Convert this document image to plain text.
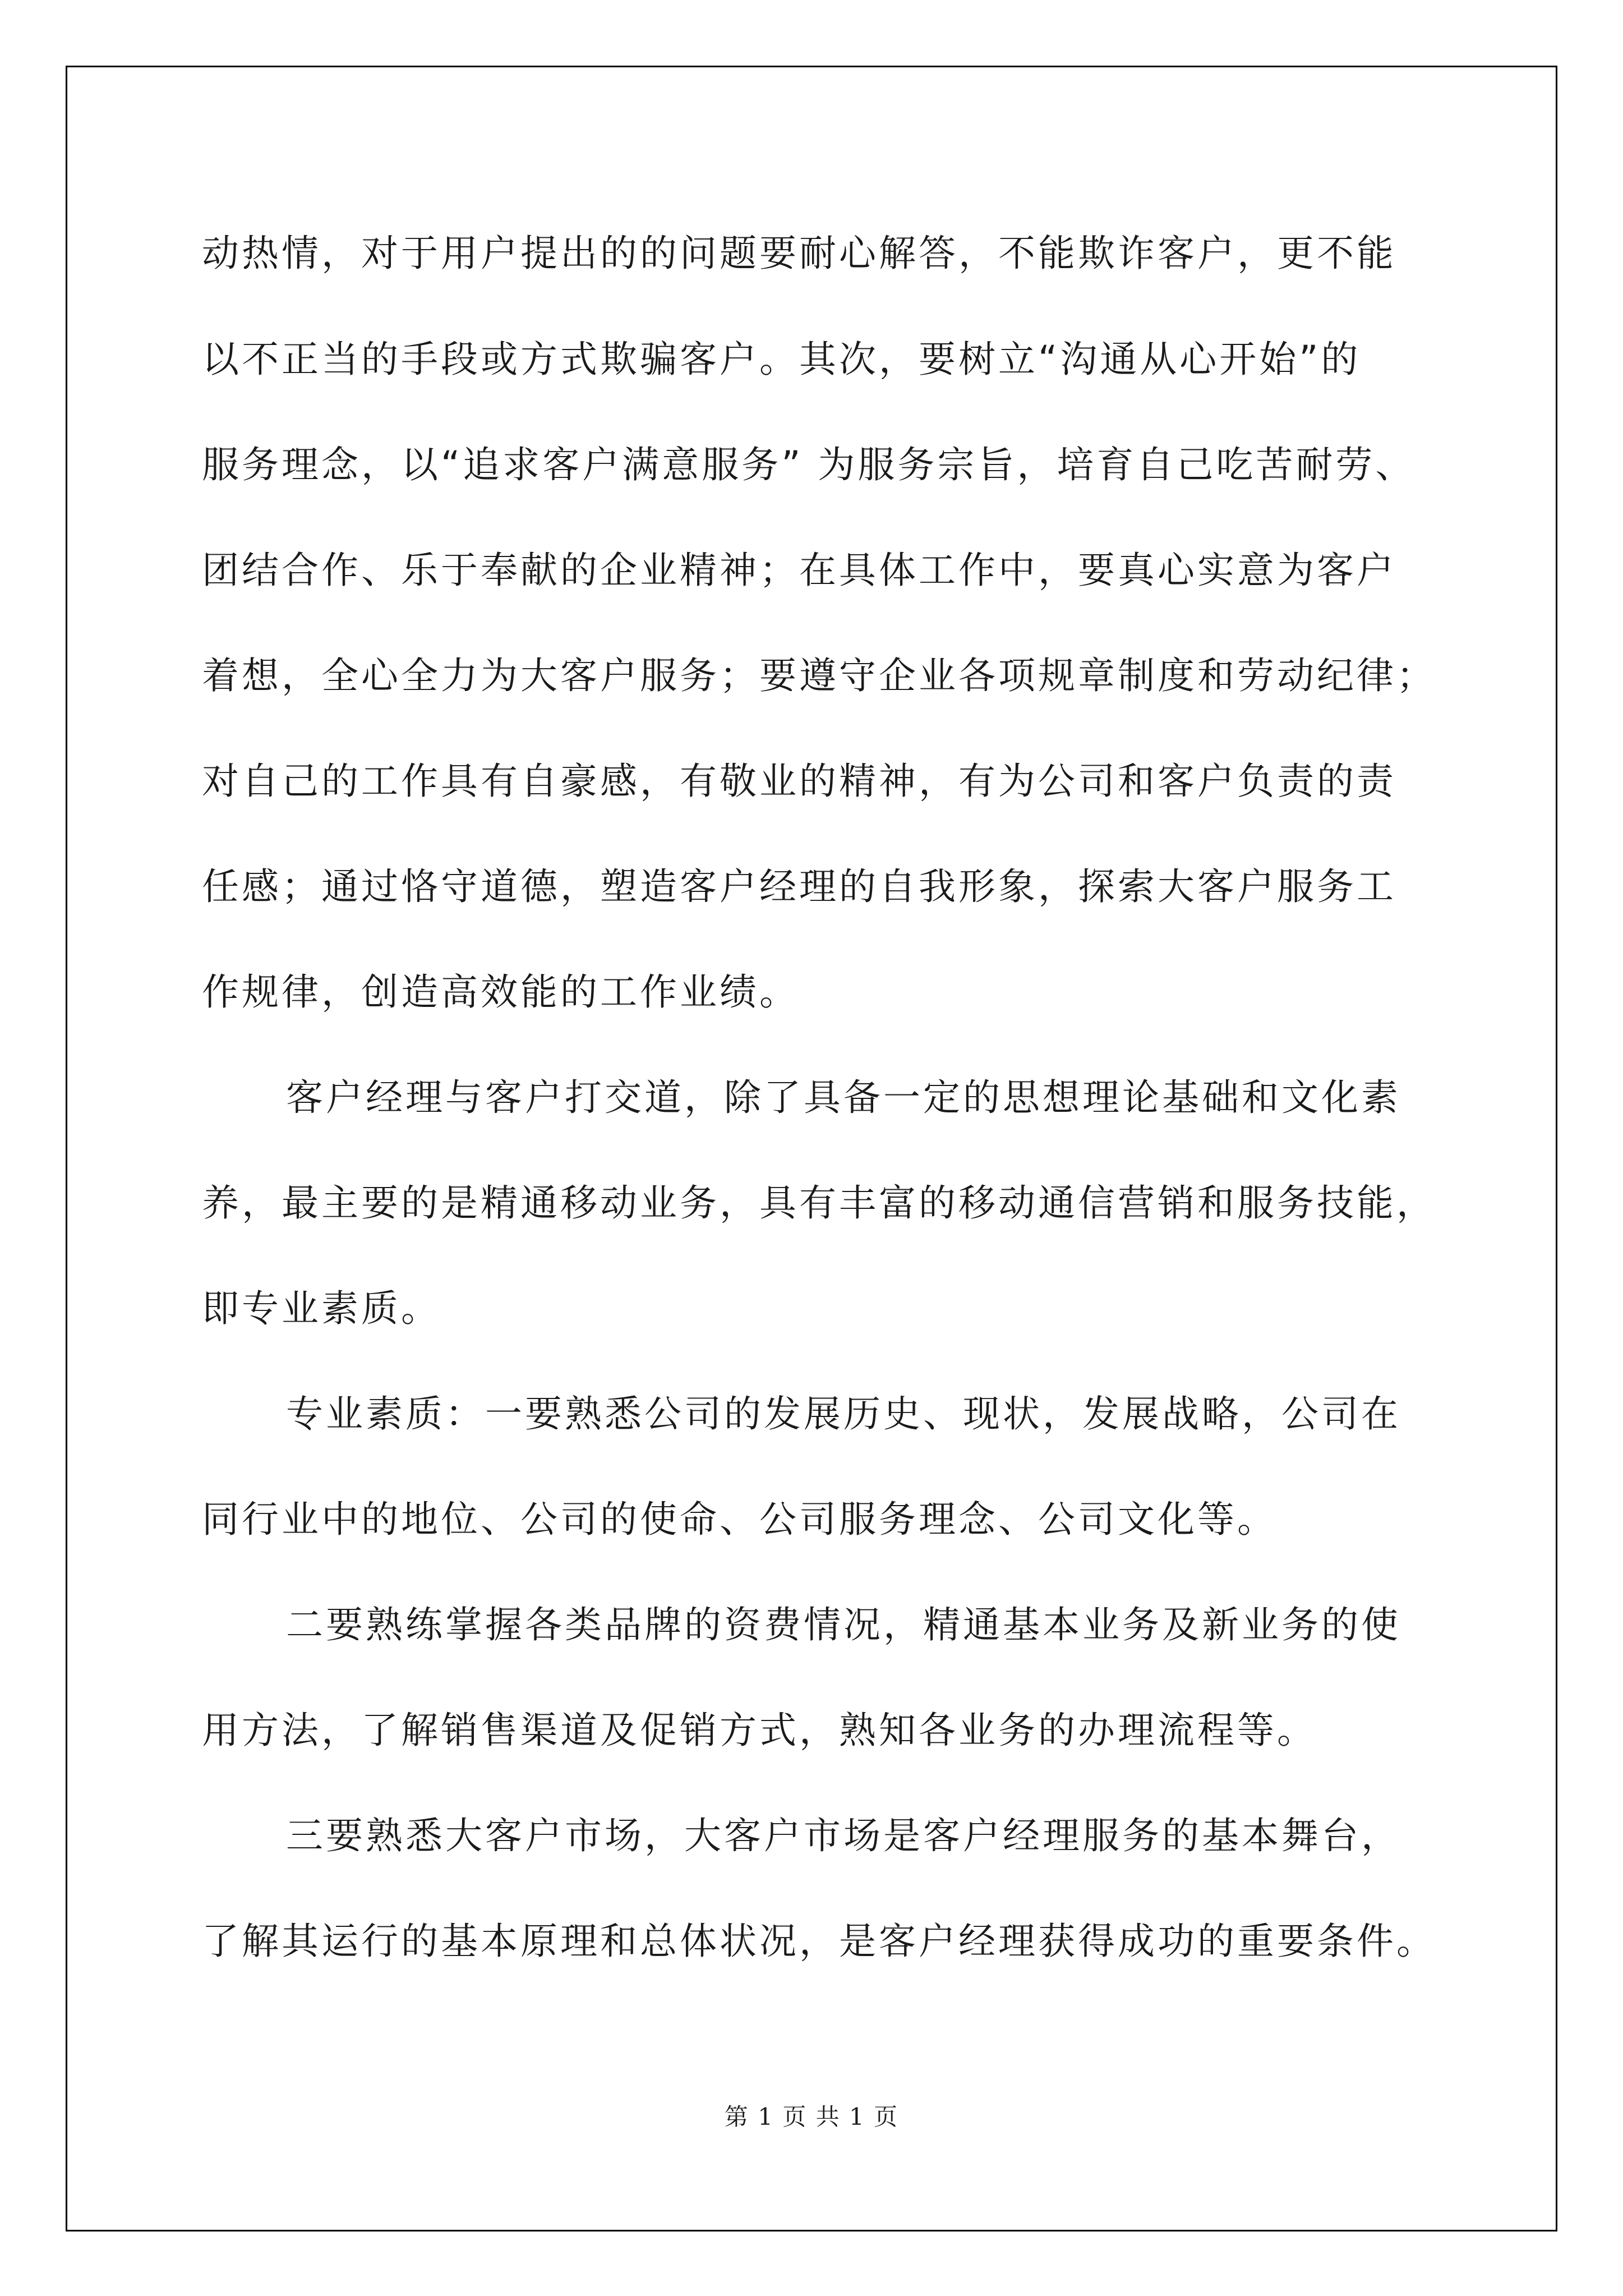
动热情，对于用户提出的的问题要耐心解答，不能欺诈客户，更不能
以不正当的手段或方式欺骗客户。其次，要树立“沟通从心开始”的
服务理念，以“追求客户满意服务” 为服务宗旨，培育自己吃苦耐劳、
团结合作、乐于奉献的企业精神；在具体工作中，要真心实意为客户
着想，全心全力为大客户服务；要遵守企业各项规章制度和劳动纪律；
对自己的工作具有自豪感，有敬业的精神，有为公司和客户负责的责
任感；通过恪守道德，塑造客户经理的自我形象，探索大客户服务工
作规律，创造高效能的工作业绩。
客户经理与客户打交道，除了具备一定的思想理论基础和文化素
养，最主要的是精通移动业务，具有丰富的移动通信营销和服务技能，
即专业素质。
专业素质：一要熟悉公司的发展历史、现状，发展战略，公司在
同行业中的地位、公司的使命、公司服务理念、公司文化等。
二要熟练掌握各类品牌的资费情况，精通基本业务及新业务的使
用方法，了解销售渠道及促销方式，熟知各业务的办理流程等。
三要熟悉大客户市场，大客户市场是客户经理服务的基本舞台，
了解其运行的基本原理和总体状况，是客户经理获得成功的重要条件。
第 1 页 共 1 页
